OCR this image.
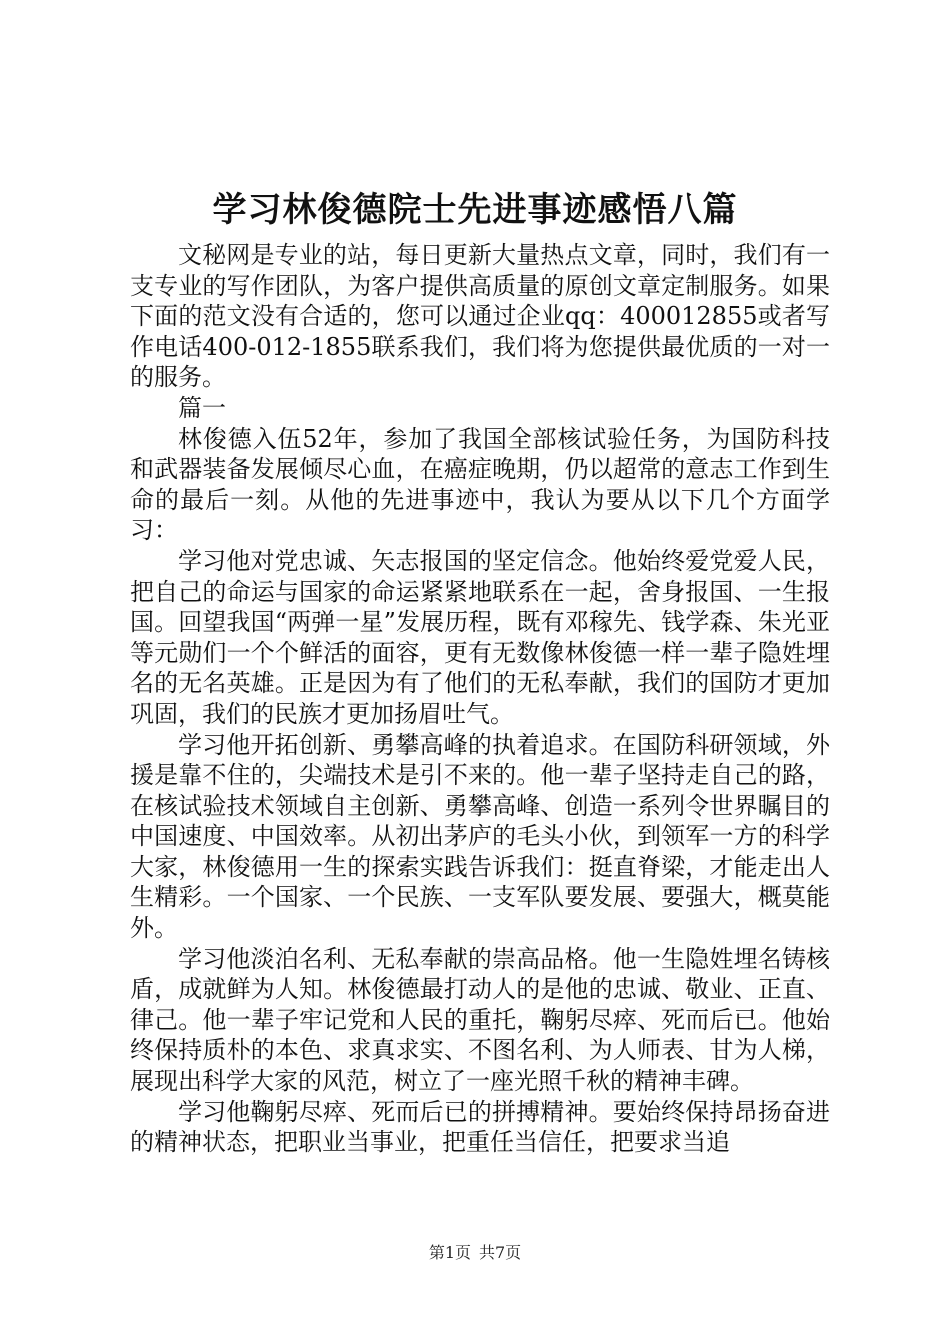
学习林俊德院士先进事迹感悟八篇

文秘网是专业的站，每日更新大量热点文章，同时，我们有一支专业的写作团队，为客户提供高质量的原创文章定制服务。如果下面的范文没有合适的，您可以通过企业qq：400012855或者写作电话400-012-1855联系我们，我们将为您提供最优质的一对一的服务。

篇一

林俊德入伍52年，参加了我国全部核试验任务，为国防科技和武器装备发展倾尽心血，在癌症晚期，仍以超常的意志工作到生命的最后一刻。从他的先进事迹中，我认为要从以下几个方面学习：

学习他对党忠诚、矢志报国的坚定信念。他始终爱党爱人民，把自己的命运与国家的命运紧紧地联系在一起，舍身报国、一生报国。回望我国“两弹一星”发展历程，既有邓稼先、钱学森、朱光亚等元勋们一个个鲜活的面容，更有无数像林俊德一样一辈子隐姓埋名的无名英雄。正是因为有了他们的无私奉献，我们的国防才更加巩固，我们的民族才更加扬眉吐气。

学习他开拓创新、勇攀高峰的执着追求。在国防科研领域，外援是靠不住的，尖端技术是引不来的。他一辈子坚持走自己的路，在核试验技术领域自主创新、勇攀高峰、创造一系列令世界瞩目的中国速度、中国效率。从初出茅庐的毛头小伙，到领军一方的科学大家，林俊德用一生的探索实践告诉我们：挺直脊梁，才能走出人生精彩。一个国家、一个民族、一支军队要发展、要强大，概莫能外。

学习他淡泊名利、无私奉献的崇高品格。他一生隐姓埋名铸核盾，成就鲜为人知。林俊德最打动人的是他的忠诚、敬业、正直、律己。他一辈子牢记党和人民的重托，鞠躬尽瘁、死而后已。他始终保持质朴的本色、求真求实、不图名利、为人师表、甘为人梯，展现出科学大家的风范，树立了一座光照千秋的精神丰碑。

学习他鞠躬尽瘁、死而后已的拼搏精神。要始终保持昂扬奋进的精神状态，把职业当事业，把重任当信任，把要求当追

第1页 共7页
